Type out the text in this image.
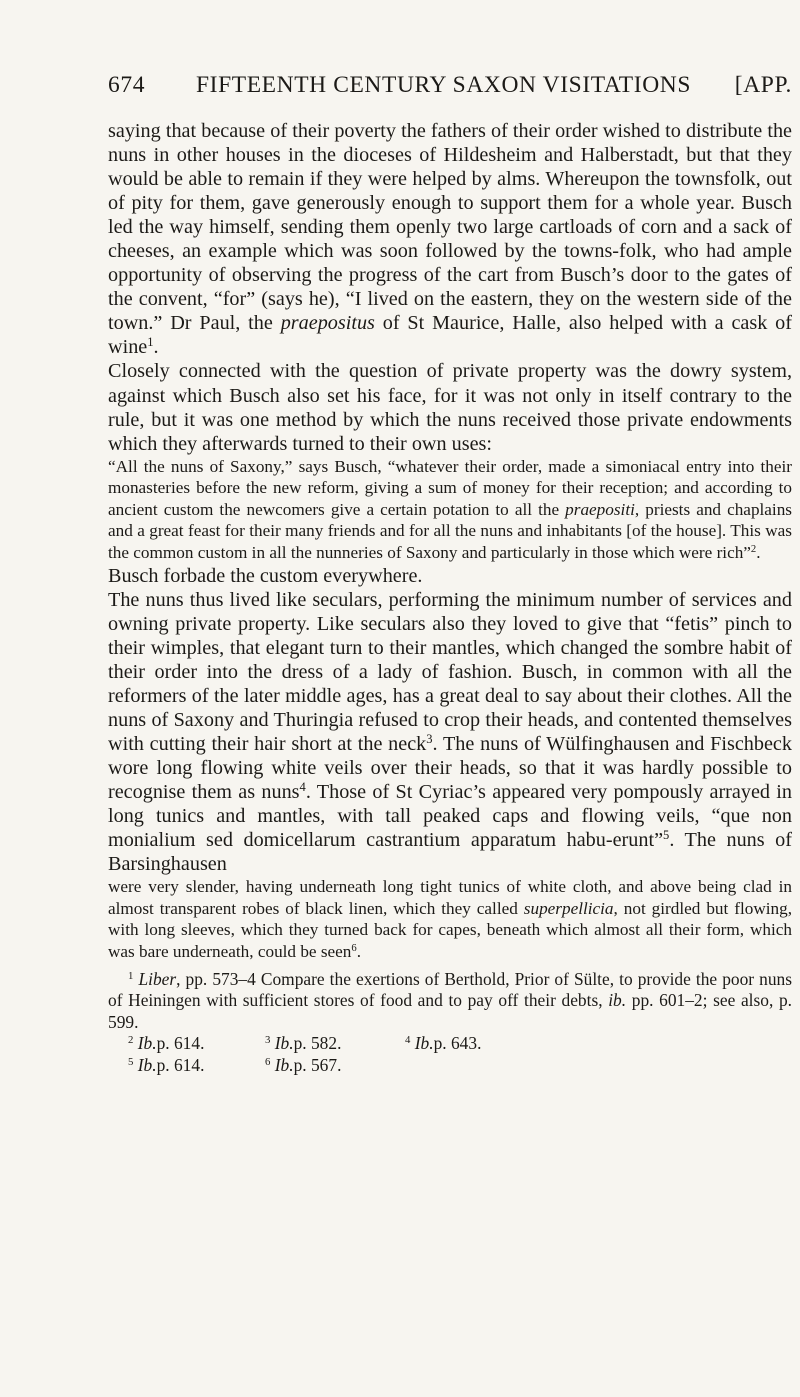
674	FIFTEENTH CENTURY SAXON VISITATIONS	[APP.

saying that because of their poverty the fathers of their order wished to distribute the nuns in other houses in the dioceses of Hildesheim and Halberstadt, but that they would be able to remain if they were helped by alms. Whereupon the townsfolk, out of pity for them, gave generously enough to support them for a whole year. Busch led the way himself, sending them openly two large cartloads of corn and a sack of cheeses, an example which was soon followed by the towns-folk, who had ample opportunity of observing the progress of the cart from Busch’s door to the gates of the convent, “for” (says he), “I lived on the eastern, they on the western side of the town.” Dr Paul, the praepositus of St Maurice, Halle, also helped with a cask of wine$^1$.

Closely connected with the question of private property was the dowry system, against which Busch also set his face, for it was not only in itself contrary to the rule, but it was one method by which the nuns received those private endowments which they afterwards turned to their own uses:

“All the nuns of Saxony,” says Busch, “whatever their order, made a simoniacal entry into their monasteries before the new reform, giving a sum of money for their reception; and according to ancient custom the newcomers give a certain potation to all the praepositi, priests and chaplains and a great feast for their many friends and for all the nuns and inhabitants [of the house]. This was the common custom in all the nunneries of Saxony and particularly in those which were rich”$^2$.

Busch forbade the custom everywhere.

The nuns thus lived like seculars, performing the minimum number of services and owning private property. Like seculars also they loved to give that “fetis” pinch to their wimples, that elegant turn to their mantles, which changed the sombre habit of their order into the dress of a lady of fashion. Busch, in common with all the reformers of the later middle ages, has a great deal to say about their clothes. All the nuns of Saxony and Thuringia refused to crop their heads, and contented themselves with cutting their hair short at the neck$^3$. The nuns of Wülfinghausen and Fischbeck wore long flowing white veils over their heads, so that it was hardly possible to recognise them as nuns$^4$. Those of St Cyriac’s appeared very pompously arrayed in long tunics and mantles, with tall peaked caps and flowing veils, “que non monialium sed domicellarum castrantium apparatum habu-erunt”$^5$. The nuns of Barsinghausen

were very slender, having underneath long tight tunics of white cloth, and above being clad in almost transparent robes of black linen, which they called superpellicia, not girdled but flowing, with long sleeves, which they turned back for capes, beneath which almost all their form, which was bare underneath, could be seen$^6$.

$^1$ Liber, pp. 573–4 Compare the exertions of Berthold, Prior of Sülte, to provide the poor nuns of Heiningen with sufficient stores of food and to pay off their debts, ib. pp. 601–2; see also, p. 599.

$^2$ Ib.p. 614.	$^3$ Ib.p. 582.	$^4$ Ib.p. 643.
$^5$ Ib.p. 614.	$^6$ Ib.p. 567.
